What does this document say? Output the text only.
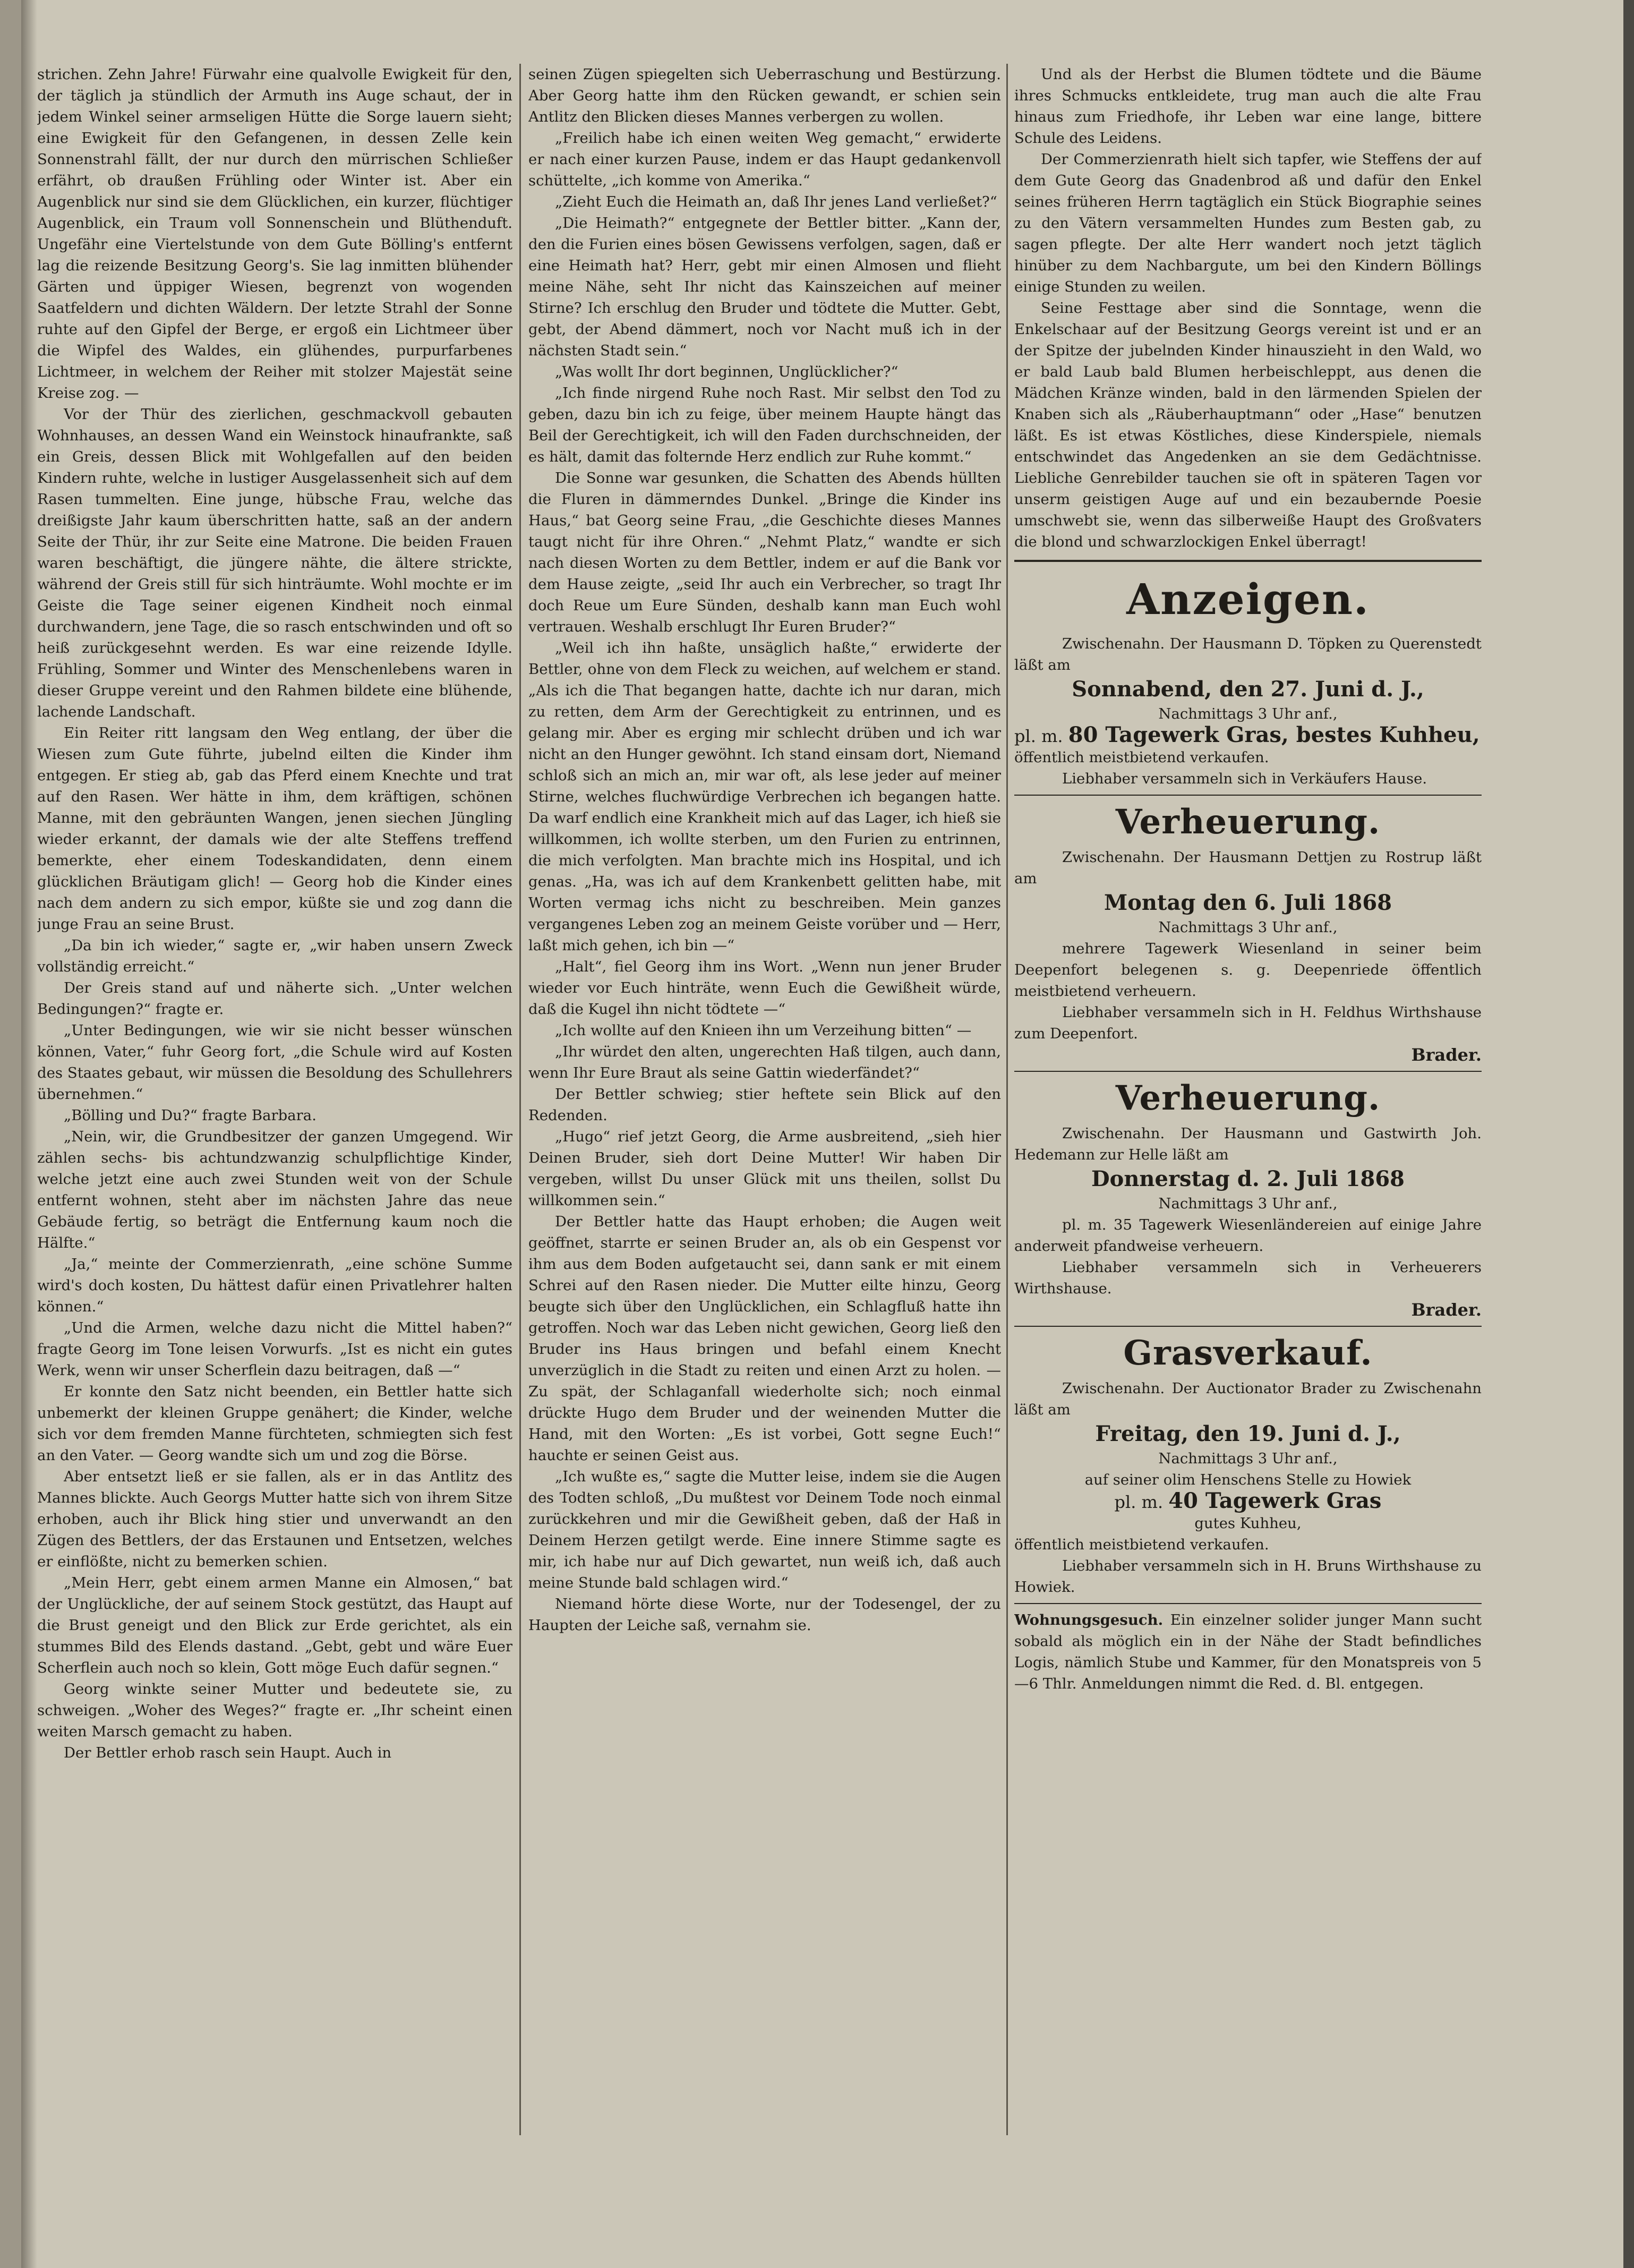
strichen. Zehn Jahre! Fürwahr eine qualvolle Ewigkeit für den, der täglich ja stündlich der Armuth ins Auge schaut, der in jedem Winkel seiner armseligen Hütte die Sorge lauern sieht; eine Ewigkeit für den Gefangenen, in dessen Zelle kein Sonnenstrahl fällt, der nur durch den mürrischen Schließer erfährt, ob draußen Frühling oder Winter ist. Aber ein Augenblick nur sind sie dem Glücklichen, ein kurzer, flüchtiger Augenblick, ein Traum voll Sonnenschein und Blüthenduft. Ungefähr eine Viertelstunde von dem Gute Bölling's entfernt lag die reizende Besitzung Georg's. Sie lag inmitten blühender Gärten und üppiger Wiesen, begrenzt von wogenden Saatfeldern und dichten Wäldern. Der letzte Strahl der Sonne ruhte auf den Gipfel der Berge, er ergoß ein Lichtmeer über die Wipfel des Waldes, ein glühendes, purpurfarbenes Lichtmeer, in welchem der Reiher mit stolzer Majestät seine Kreise zog. —

Vor der Thür des zierlichen, geschmackvoll gebauten Wohnhauses, an dessen Wand ein Weinstock hinaufrankte, saß ein Greis, dessen Blick mit Wohlgefallen auf den beiden Kindern ruhte, welche in lustiger Ausgelassenheit sich auf dem Rasen tummelten. Eine junge, hübsche Frau, welche das dreißigste Jahr kaum überschritten hatte, saß an der andern Seite der Thür, ihr zur Seite eine Matrone. Die beiden Frauen waren beschäftigt, die jüngere nähte, die ältere strickte, während der Greis still für sich hinträumte. Wohl mochte er im Geiste die Tage seiner eigenen Kindheit noch einmal durchwandern, jene Tage, die so rasch entschwinden und oft so heiß zurückgesehnt werden. Es war eine reizende Idylle. Frühling, Sommer und Winter des Menschenlebens waren in dieser Gruppe vereint und den Rahmen bildete eine blühende, lachende Landschaft.

Ein Reiter ritt langsam den Weg entlang, der über die Wiesen zum Gute führte, jubelnd eilten die Kinder ihm entgegen. Er stieg ab, gab das Pferd einem Knechte und trat auf den Rasen. Wer hätte in ihm, dem kräftigen, schönen Manne, mit den gebräunten Wangen, jenen siechen Jüngling wieder erkannt, der damals wie der alte Steffens treffend bemerkte, eher einem Todeskandidaten, denn einem glücklichen Bräutigam glich! — Georg hob die Kinder eines nach dem andern zu sich empor, küßte sie und zog dann die junge Frau an seine Brust.

„Da bin ich wieder,“ sagte er, „wir haben unsern Zweck vollständig erreicht.“

Der Greis stand auf und näherte sich. „Unter welchen Bedingungen?“ fragte er.

„Unter Bedingungen, wie wir sie nicht besser wünschen können, Vater,“ fuhr Georg fort, „die Schule wird auf Kosten des Staates gebaut, wir müssen die Besoldung des Schullehrers übernehmen.“

„Bölling und Du?“ fragte Barbara.

„Nein, wir, die Grundbesitzer der ganzen Umgegend. Wir zählen sechs- bis achtundzwanzig schulpflichtige Kinder, welche jetzt eine auch zwei Stunden weit von der Schule entfernt wohnen, steht aber im nächsten Jahre das neue Gebäude fertig, so beträgt die Entfernung kaum noch die Hälfte.“

„Ja,“ meinte der Commerzienrath, „eine schöne Summe wird's doch kosten, Du hättest dafür einen Privatlehrer halten können.“

„Und die Armen, welche dazu nicht die Mittel haben?“ fragte Georg im Tone leisen Vorwurfs. „Ist es nicht ein gutes Werk, wenn wir unser Scherflein dazu beitragen, daß —“

Er konnte den Satz nicht beenden, ein Bettler hatte sich unbemerkt der kleinen Gruppe genähert; die Kinder, welche sich vor dem fremden Manne fürchteten, schmiegten sich fest an den Vater. — Georg wandte sich um und zog die Börse.

Aber entsetzt ließ er sie fallen, als er in das Antlitz des Mannes blickte. Auch Georgs Mutter hatte sich von ihrem Sitze erhoben, auch ihr Blick hing stier und unverwandt an den Zügen des Bettlers, der das Erstaunen und Entsetzen, welches er einflößte, nicht zu bemerken schien.

„Mein Herr, gebt einem armen Manne ein Almosen,“ bat der Unglückliche, der auf seinem Stock gestützt, das Haupt auf die Brust geneigt und den Blick zur Erde gerichtet, als ein stummes Bild des Elends dastand. „Gebt, gebt und wäre Euer Scherflein auch noch so klein, Gott möge Euch dafür segnen.“

Georg winkte seiner Mutter und bedeutete sie, zu schweigen. „Woher des Weges?“ fragte er. „Ihr scheint einen weiten Marsch gemacht zu haben.

Der Bettler erhob rasch sein Haupt. Auch in

seinen Zügen spiegelten sich Ueberraschung und Bestürzung. Aber Georg hatte ihm den Rücken gewandt, er schien sein Antlitz den Blicken dieses Mannes verbergen zu wollen.

„Freilich habe ich einen weiten Weg gemacht,“ erwiderte er nach einer kurzen Pause, indem er das Haupt gedankenvoll schüttelte, „ich komme von Amerika.“

„Zieht Euch die Heimath an, daß Ihr jenes Land verließet?“

„Die Heimath?“ entgegnete der Bettler bitter. „Kann der, den die Furien eines bösen Gewissens verfolgen, sagen, daß er eine Heimath hat? Herr, gebt mir einen Almosen und flieht meine Nähe, seht Ihr nicht das Kainszeichen auf meiner Stirne? Ich erschlug den Bruder und tödtete die Mutter. Gebt, gebt, der Abend dämmert, noch vor Nacht muß ich in der nächsten Stadt sein.“

„Was wollt Ihr dort beginnen, Unglücklicher?“

„Ich finde nirgend Ruhe noch Rast. Mir selbst den Tod zu geben, dazu bin ich zu feige, über meinem Haupte hängt das Beil der Gerechtigkeit, ich will den Faden durchschneiden, der es hält, damit das folternde Herz endlich zur Ruhe kommt.“

Die Sonne war gesunken, die Schatten des Abends hüllten die Fluren in dämmerndes Dunkel. „Bringe die Kinder ins Haus,“ bat Georg seine Frau, „die Geschichte dieses Mannes taugt nicht für ihre Ohren.“ „Nehmt Platz,“ wandte er sich nach diesen Worten zu dem Bettler, indem er auf die Bank vor dem Hause zeigte, „seid Ihr auch ein Verbrecher, so tragt Ihr doch Reue um Eure Sünden, deshalb kann man Euch wohl vertrauen. Weshalb erschlugt Ihr Euren Bruder?“

„Weil ich ihn haßte, unsäglich haßte,“ erwiderte der Bettler, ohne von dem Fleck zu weichen, auf welchem er stand. „Als ich die That begangen hatte, dachte ich nur daran, mich zu retten, dem Arm der Gerechtigkeit zu entrinnen, und es gelang mir. Aber es erging mir schlecht drüben und ich war nicht an den Hunger gewöhnt. Ich stand einsam dort, Niemand schloß sich an mich an, mir war oft, als lese jeder auf meiner Stirne, welches fluchwürdige Verbrechen ich begangen hatte. Da warf endlich eine Krankheit mich auf das Lager, ich hieß sie willkommen, ich wollte sterben, um den Furien zu entrinnen, die mich verfolgten. Man brachte mich ins Hospital, und ich genas. „Ha, was ich auf dem Krankenbett gelitten habe, mit Worten vermag ichs nicht zu beschreiben. Mein ganzes vergangenes Leben zog an meinem Geiste vorüber und — Herr, laßt mich gehen, ich bin —“

„Halt“, fiel Georg ihm ins Wort. „Wenn nun jener Bruder wieder vor Euch hinträte, wenn Euch die Gewißheit würde, daß die Kugel ihn nicht tödtete —“

„Ich wollte auf den Knieen ihn um Verzeihung bitten“ —

„Ihr würdet den alten, ungerechten Haß tilgen, auch dann, wenn Ihr Eure Braut als seine Gattin wiederfändet?“

Der Bettler schwieg; stier heftete sein Blick auf den Redenden.

„Hugo“ rief jetzt Georg, die Arme ausbreitend, „sieh hier Deinen Bruder, sieh dort Deine Mutter! Wir haben Dir vergeben, willst Du unser Glück mit uns theilen, sollst Du willkommen sein.“

Der Bettler hatte das Haupt erhoben; die Augen weit geöffnet, starrte er seinen Bruder an, als ob ein Gespenst vor ihm aus dem Boden aufgetaucht sei, dann sank er mit einem Schrei auf den Rasen nieder. Die Mutter eilte hinzu, Georg beugte sich über den Unglücklichen, ein Schlagfluß hatte ihn getroffen. Noch war das Leben nicht gewichen, Georg ließ den Bruder ins Haus bringen und befahl einem Knecht unverzüglich in die Stadt zu reiten und einen Arzt zu holen. — Zu spät, der Schlaganfall wiederholte sich; noch einmal drückte Hugo dem Bruder und der weinenden Mutter die Hand, mit den Worten: „Es ist vorbei, Gott segne Euch!“ hauchte er seinen Geist aus.

„Ich wußte es,“ sagte die Mutter leise, indem sie die Augen des Todten schloß, „Du mußtest vor Deinem Tode noch einmal zurückkehren und mir die Gewißheit geben, daß der Haß in Deinem Herzen getilgt werde. Eine innere Stimme sagte es mir, ich habe nur auf Dich gewartet, nun weiß ich, daß auch meine Stunde bald schlagen wird.“

Niemand hörte diese Worte, nur der Todesengel, der zu Haupten der Leiche saß, vernahm sie.

Und als der Herbst die Blumen tödtete und die Bäume ihres Schmucks entkleidete, trug man auch die alte Frau hinaus zum Friedhofe, ihr Leben war eine lange, bittere Schule des Leidens.

Der Commerzienrath hielt sich tapfer, wie Steffens der auf dem Gute Georg das Gnadenbrod aß und dafür den Enkel seines früheren Herrn tagtäglich ein Stück Biographie seines zu den Vätern versammelten Hundes zum Besten gab, zu sagen pflegte. Der alte Herr wandert noch jetzt täglich hinüber zu dem Nachbargute, um bei den Kindern Böllings einige Stunden zu weilen.

Seine Festtage aber sind die Sonntage, wenn die Enkelschaar auf der Besitzung Georgs vereint ist und er an der Spitze der jubelnden Kinder hinauszieht in den Wald, wo er bald Laub bald Blumen herbeischleppt, aus denen die Mädchen Kränze winden, bald in den lärmenden Spielen der Knaben sich als „Räuberhauptmann“ oder „Hase“ benutzen läßt. Es ist etwas Köstliches, diese Kinderspiele, niemals entschwindet das Angedenken an sie dem Gedächtnisse. Liebliche Genrebilder tauchen sie oft in späteren Tagen vor unserm geistigen Auge auf und ein bezaubernde Poesie umschwebt sie, wenn das silberweiße Haupt des Großvaters die blond und schwarzlockigen Enkel überragt!

Anzeigen.

Zwischenahn. Der Hausmann D. Töpken zu Querenstedt läßt am

Sonnabend, den 27. Juni d. J.,
Nachmittags 3 Uhr anf.,

pl. m. 80 Tagewerk Gras, bestes Kuhheu,

öffentlich meistbietend verkaufen.

Liebhaber versammeln sich in Verkäufers Hause.

Verheuerung.

Zwischenahn. Der Hausmann Dettjen zu Rostrup läßt am

Montag den 6. Juli 1868
Nachmittags 3 Uhr anf.,

mehrere Tagewerk Wiesenland in seiner beim Deepenfort belegenen s. g. Deepenriede öffentlich meistbietend verheuern.

Liebhaber versammeln sich in H. Feldhus Wirthshause zum Deepenfort.

Brader.
Verheuerung.

Zwischenahn. Der Hausmann und Gastwirth Joh. Hedemann zur Helle läßt am

Donnerstag d. 2. Juli 1868
Nachmittags 3 Uhr anf.,

pl. m. 35 Tagewerk Wiesenländereien auf einige Jahre anderweit pfandweise verheuern.

Liebhaber versammeln sich in Verheuerers Wirthshause.

Brader.
Grasverkauf.

Zwischenahn. Der Auctionator Brader zu Zwischenahn läßt am

Freitag, den 19. Juni d. J.,
Nachmittags 3 Uhr anf.,
auf seiner olim Henschens Stelle zu Howiek
pl. m. 40 Tagewerk Gras
gutes Kuhheu,

öffentlich meistbietend verkaufen.

Liebhaber versammeln sich in H. Bruns Wirthshause zu Howiek.

Wohnungsgesuch. Ein einzelner solider junger Mann sucht sobald als möglich ein in der Nähe der Stadt befindliches Logis, nämlich Stube und Kammer, für den Monatspreis von 5—6 Thlr. Anmeldungen nimmt die Red. d. Bl. entgegen.
